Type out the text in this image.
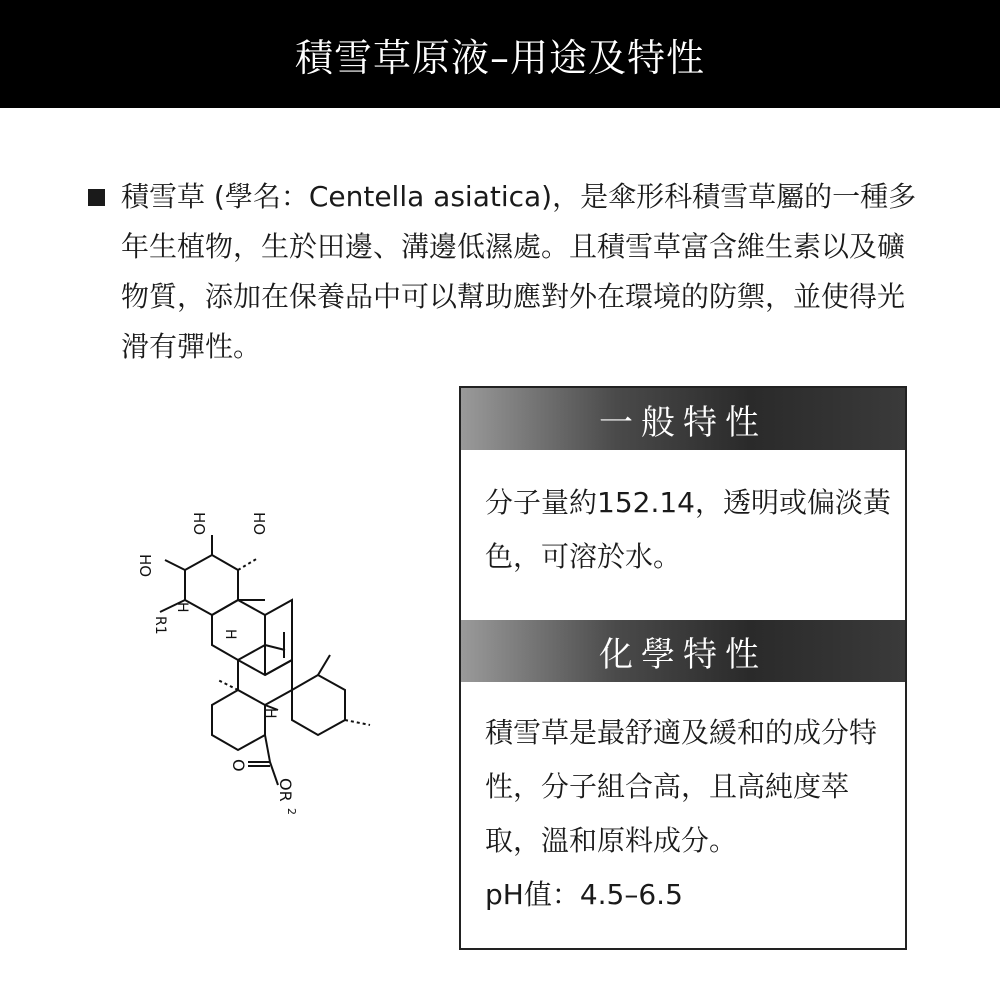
積雪草原液–用途及特性
積雪草 (學名：Centella asiatica)，是傘形科積雪草屬的一種多年生植物，生於田邊、溝邊低濕處。且積雪草富含維生素以及礦物質，添加在保養品中可以幫助應對外在環境的防禦，並使得光滑有彈性。
HO	HO
HO
R1
H
H
H
O
OR
2
一般特性
分子量約152.14，透明或偏淡黃色，可溶於水。
化學特性
積雪草是最舒適及緩和的成分特性，分子組合高，且高純度萃取，溫和原料成分。
pH值：4.5–6.5
